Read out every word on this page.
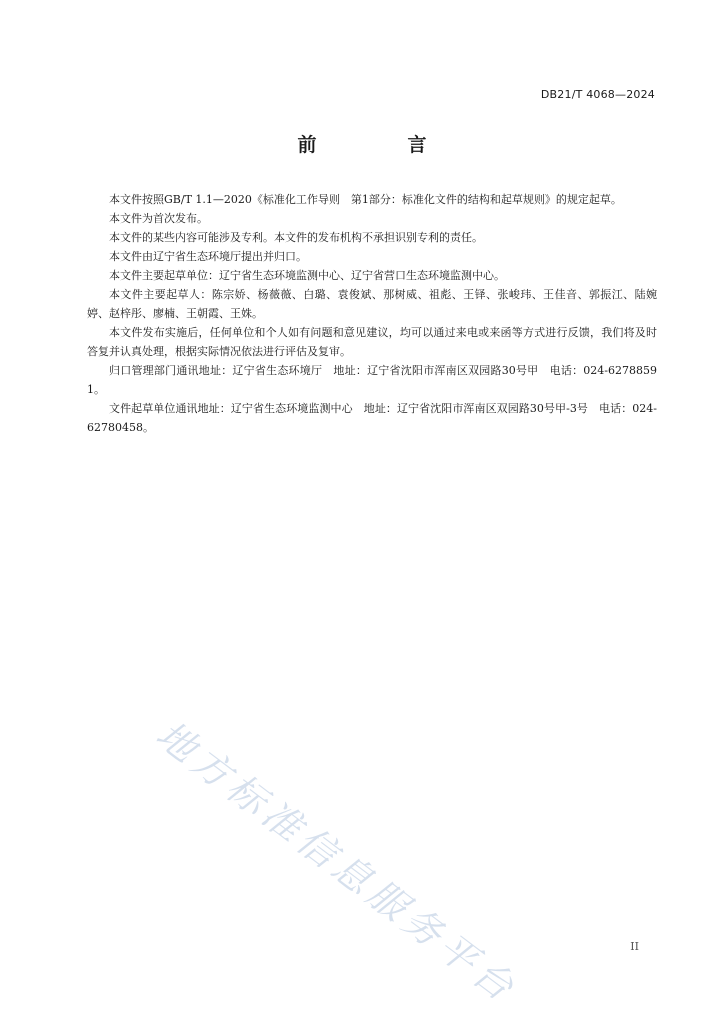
DB21/T 4068—2024
前　言

本文件按照GB/T 1.1—2020《标准化工作导则　第1部分：标准化文件的结构和起草规则》的规定起草。

本文件为首次发布。

本文件的某些内容可能涉及专利。本文件的发布机构不承担识别专利的责任。

本文件由辽宁省生态环境厅提出并归口。

本文件主要起草单位：辽宁省生态环境监测中心、辽宁省营口生态环境监测中心。

本文件主要起草人：陈宗娇、杨薇薇、白璐、袁俊斌、那树威、祖彪、王铎、张峻玮、王佳音、郭振江、陆婉婷、赵梓彤、廖楠、王朝霞、王姝。

本文件发布实施后，任何单位和个人如有问题和意见建议，均可以通过来电或来函等方式进行反馈，我们将及时答复并认真处理，根据实际情况依法进行评估及复审。

归口管理部门通讯地址：辽宁省生态环境厅　地址：辽宁省沈阳市浑南区双园路30号甲　电话：024-62788591。

文件起草单位通讯地址：辽宁省生态环境监测中心　地址：辽宁省沈阳市浑南区双园路30号甲-3号　电话：024-62780458。

地方标准信息服务平台	II
